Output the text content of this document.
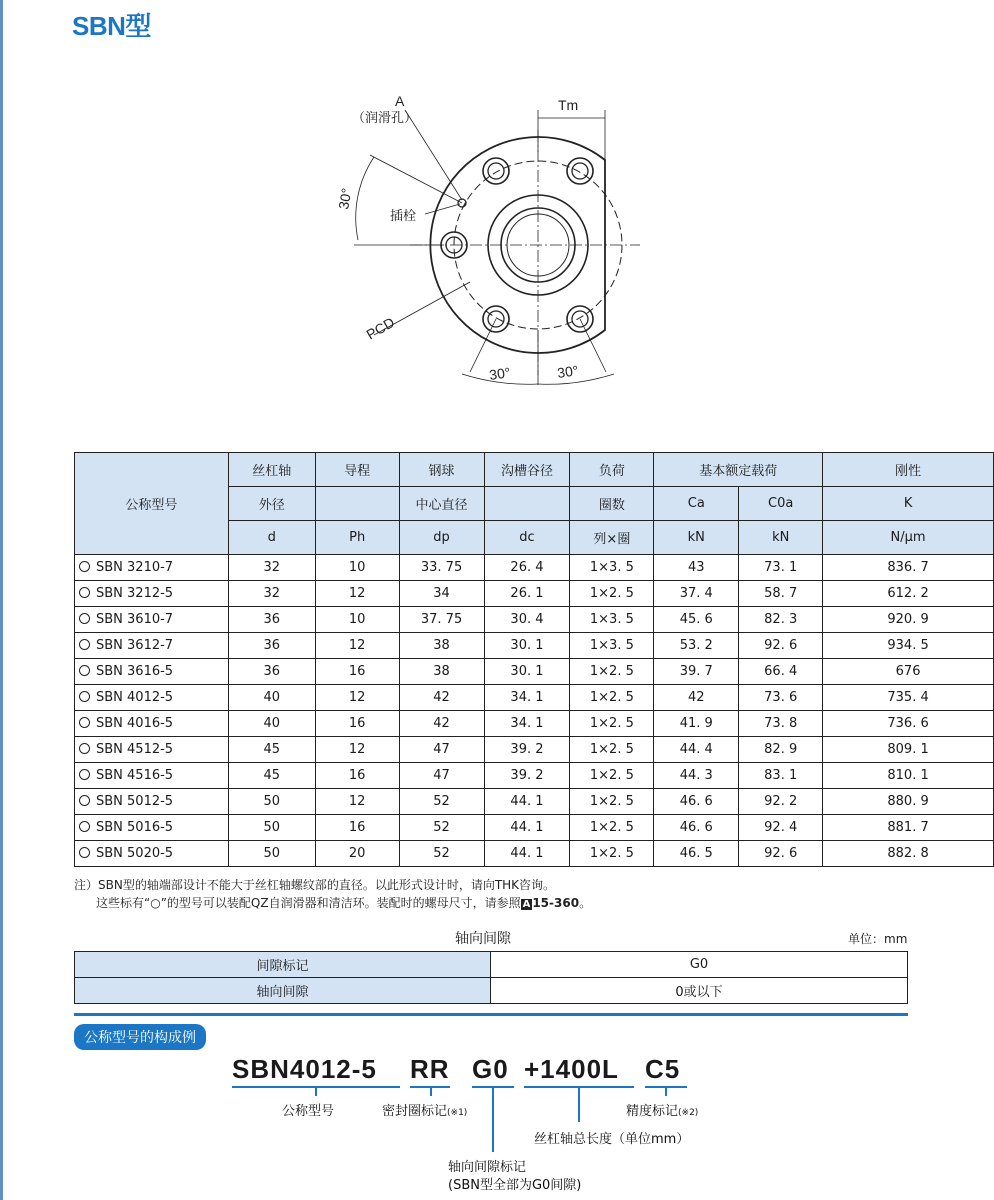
SBN型
A
（润滑孔）
Tm
30°
插栓
PCD
30°	30°
公称型号	丝杠轴	导程	钢球	沟槽谷径	负荷	基本额定载荷		刚性
	外径		中心直径		圈数	Ca	C0a	K
	d	Ph	dp	dc	列×圈	kN	kN	N/μm
SBN 3210-7	32	10	33. 75	26. 4	1×3. 5	43	73. 1	836. 7
SBN 3212-5	32	12	34	26. 1	1×2. 5	37. 4	58. 7	612. 2
SBN 3610-7	36	10	37. 75	30. 4	1×3. 5	45. 6	82. 3	920. 9
SBN 3612-7	36	12	38	30. 1	1×3. 5	53. 2	92. 6	934. 5
SBN 3616-5	36	16	38	30. 1	1×2. 5	39. 7	66. 4	676
SBN 4012-5	40	12	42	34. 1	1×2. 5	42	73. 6	735. 4
SBN 4016-5	40	16	42	34. 1	1×2. 5	41. 9	73. 8	736. 6
SBN 4512-5	45	12	47	39. 2	1×2. 5	44. 4	82. 9	809. 1
SBN 4516-5	45	16	47	39. 2	1×2. 5	44. 3	83. 1	810. 1
SBN 5012-5	50	12	52	44. 1	1×2. 5	46. 6	92. 2	880. 9
SBN 5016-5	50	16	52	44. 1	1×2. 5	46. 6	92. 4	881. 7
SBN 5020-5	50	20	52	44. 1	1×2. 5	46. 5	92. 6	882. 8
注）SBN型的轴端部设计不能大于丝杠轴螺纹部的直径。以此形式设计时，请向THK咨询。
这些标有“○”的型号可以装配QZ自润滑器和清洁环。装配时的螺母尺寸，请参照 A 15-360。
轴向间隙	单位：mm
间隙标记	G0
轴向间隙	0或以下
公称型号的构成例
SBN4012-5 RR G0 +1400L C5
公称型号	密封圈标记(※1)	精度标记(※2)
丝杠轴总长度（单位mm）
轴向间隙标记
(SBN型全部为G0间隙)
